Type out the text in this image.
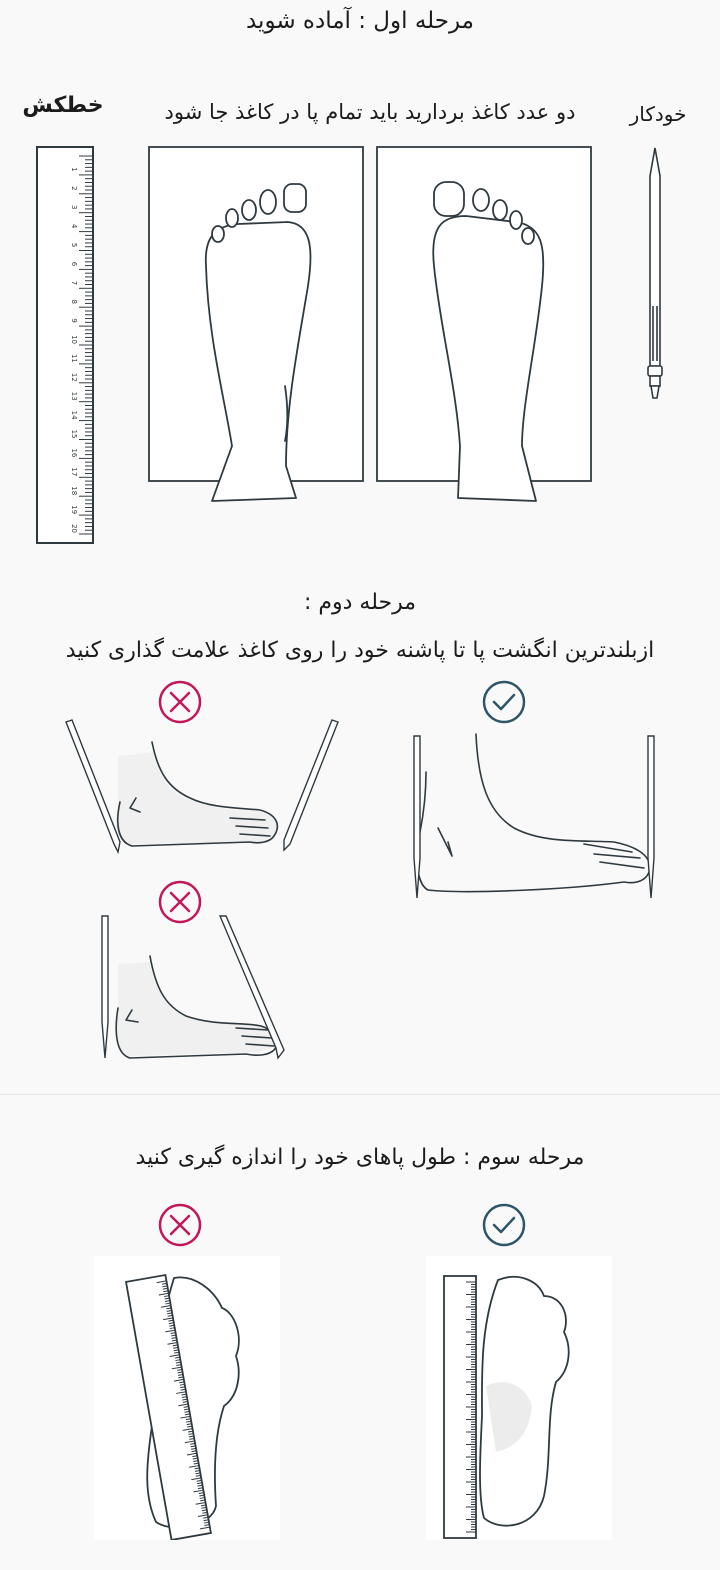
مرحله اول : آماده شوید
خطکش	دو عدد کاغذ بردارید باید تمام پا در کاغذ جا شود	خودکار
1
2
3
4
5
6
7
8
9
10
11
12
13
14
15
16
17
18
19
20
مرحله دوم :
ازبلندترین انگشت پا تا پاشنه خود را روی کاغذ علامت گذاری کنید
مرحله سوم : طول پاهای خود را اندازه گیری کنید
